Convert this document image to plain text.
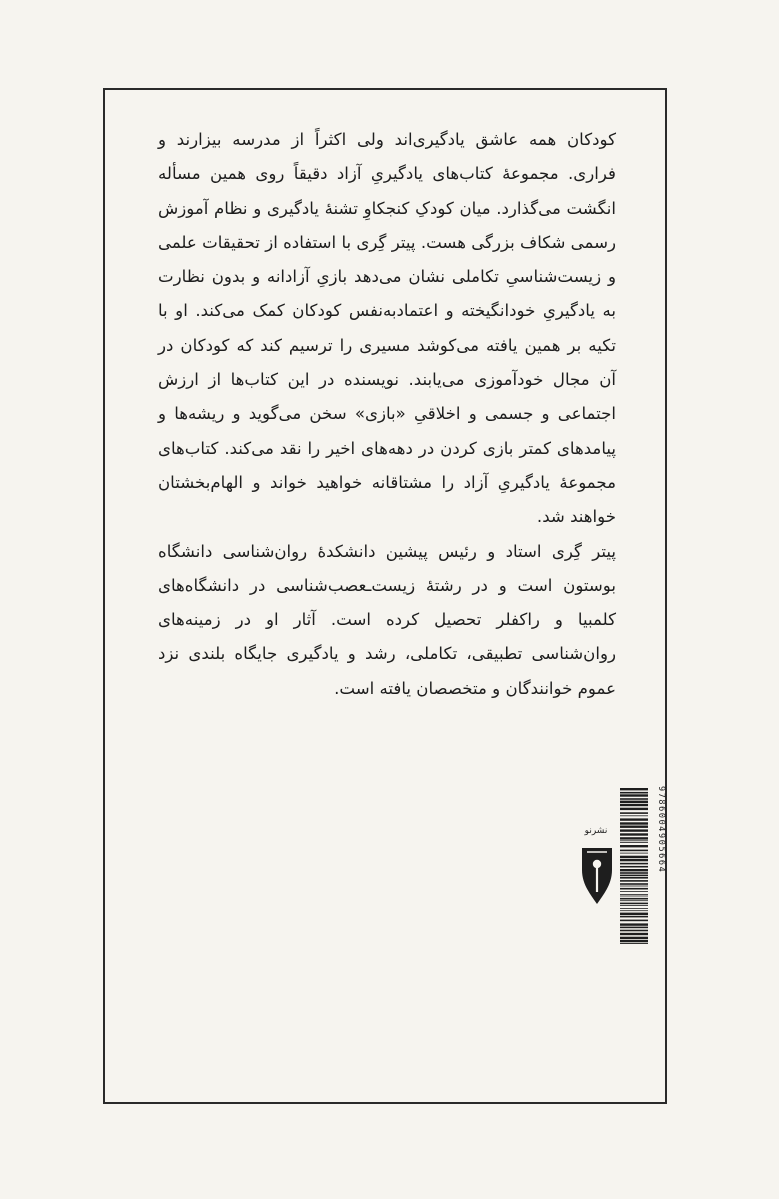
کودکان همه عاشق یادگیری‌اند ولی اکثراً از مدرسه بیزارند و فراری. مجموعهٔ کتاب‌های یادگیریِ آزاد دقیقاً روی همین مسأله انگشت می‌گذارد. میان کودکِ کنجکاوِ تشنهٔ یادگیری و نظام آموزش رسمی شکاف بزرگی هست. پیتر گِری با استفاده از تحقیقات علمی و زیست‌شناسیِ تکاملی نشان می‌دهد بازیِ آزادانه و بدون نظارت به یادگیریِ خودانگیخته و اعتمادبه‌نفس کودکان کمک می‌کند. او با تکیه بر همین یافته می‌کوشد مسیری را ترسیم کند که کودکان در آن مجال خودآموزی می‌یابند. نویسنده در این کتاب‌ها از ارزش اجتماعی و جسمی و اخلاقیِ «بازی» سخن می‌گوید و ریشه‌ها و پیامدهای کمتر بازی کردن در دهه‌های اخیر را نقد می‌کند. کتاب‌های مجموعهٔ یادگیریِ آزاد را مشتاقانه خواهید خواند و الهام‌بخشتان خواهند شد.

پیتر گِری استاد و رئیس پیشین دانشکدهٔ روان‌شناسی دانشگاه بوستون است و در رشتهٔ زیست‌ـعصب‌شناسی در دانشگاه‌های کلمبیا و راکفلر تحصیل کرده است. آثار او در زمینه‌های روان‌شناسی تطبیقی، تکاملی، رشد و یادگیری جایگاه بلندی نزد عموم خوانندگان و متخصصان یافته است.

نشرنو	9786004905664
